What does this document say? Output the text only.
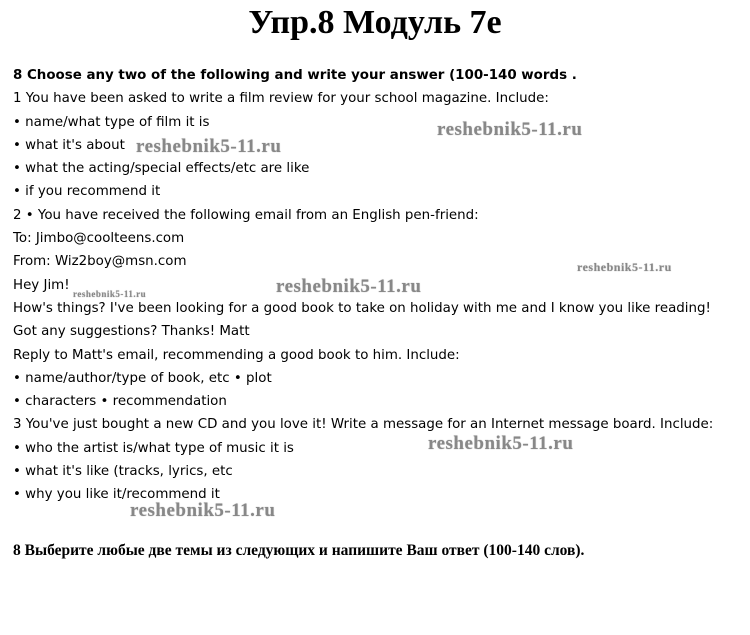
Упр.8 Модуль 7е
8 Choose any two of the following and write your answer (100-140 words .
1 You have been asked to write a film review for your school magazine. Include:
• name/what type of film it is
• what it's about
• what the acting/special effects/etc are like
• if you recommend it
2 • You have received the following email from an English pen-friend:
To: Jimbo@coolteens.com
From: Wiz2boy@msn.com
Hey Jim!
How's things? I've been looking for a good book to take on holiday with me and I know you like reading!
Got any suggestions? Thanks! Matt
Reply to Matt's email, recommending a good book to him. Include:
• name/author/type of book, etc • plot
• characters • recommendation
3 You've just bought a new CD and you love it! Write a message for an Internet message board. Include:
• who the artist is/what type of music it is
• what it's like (tracks, lyrics, etc
• why you like it/recommend it
8 Выберите любые две темы из следующих и напишите Ваш ответ (100-140 слов).
reshebnik5-11.ru
reshebnik5-11.ru
reshebnik5-11.ru
reshebnik5-11.ru
reshebnik5-11.ru
reshebnik5-11.ru
reshebnik5-11.ru
